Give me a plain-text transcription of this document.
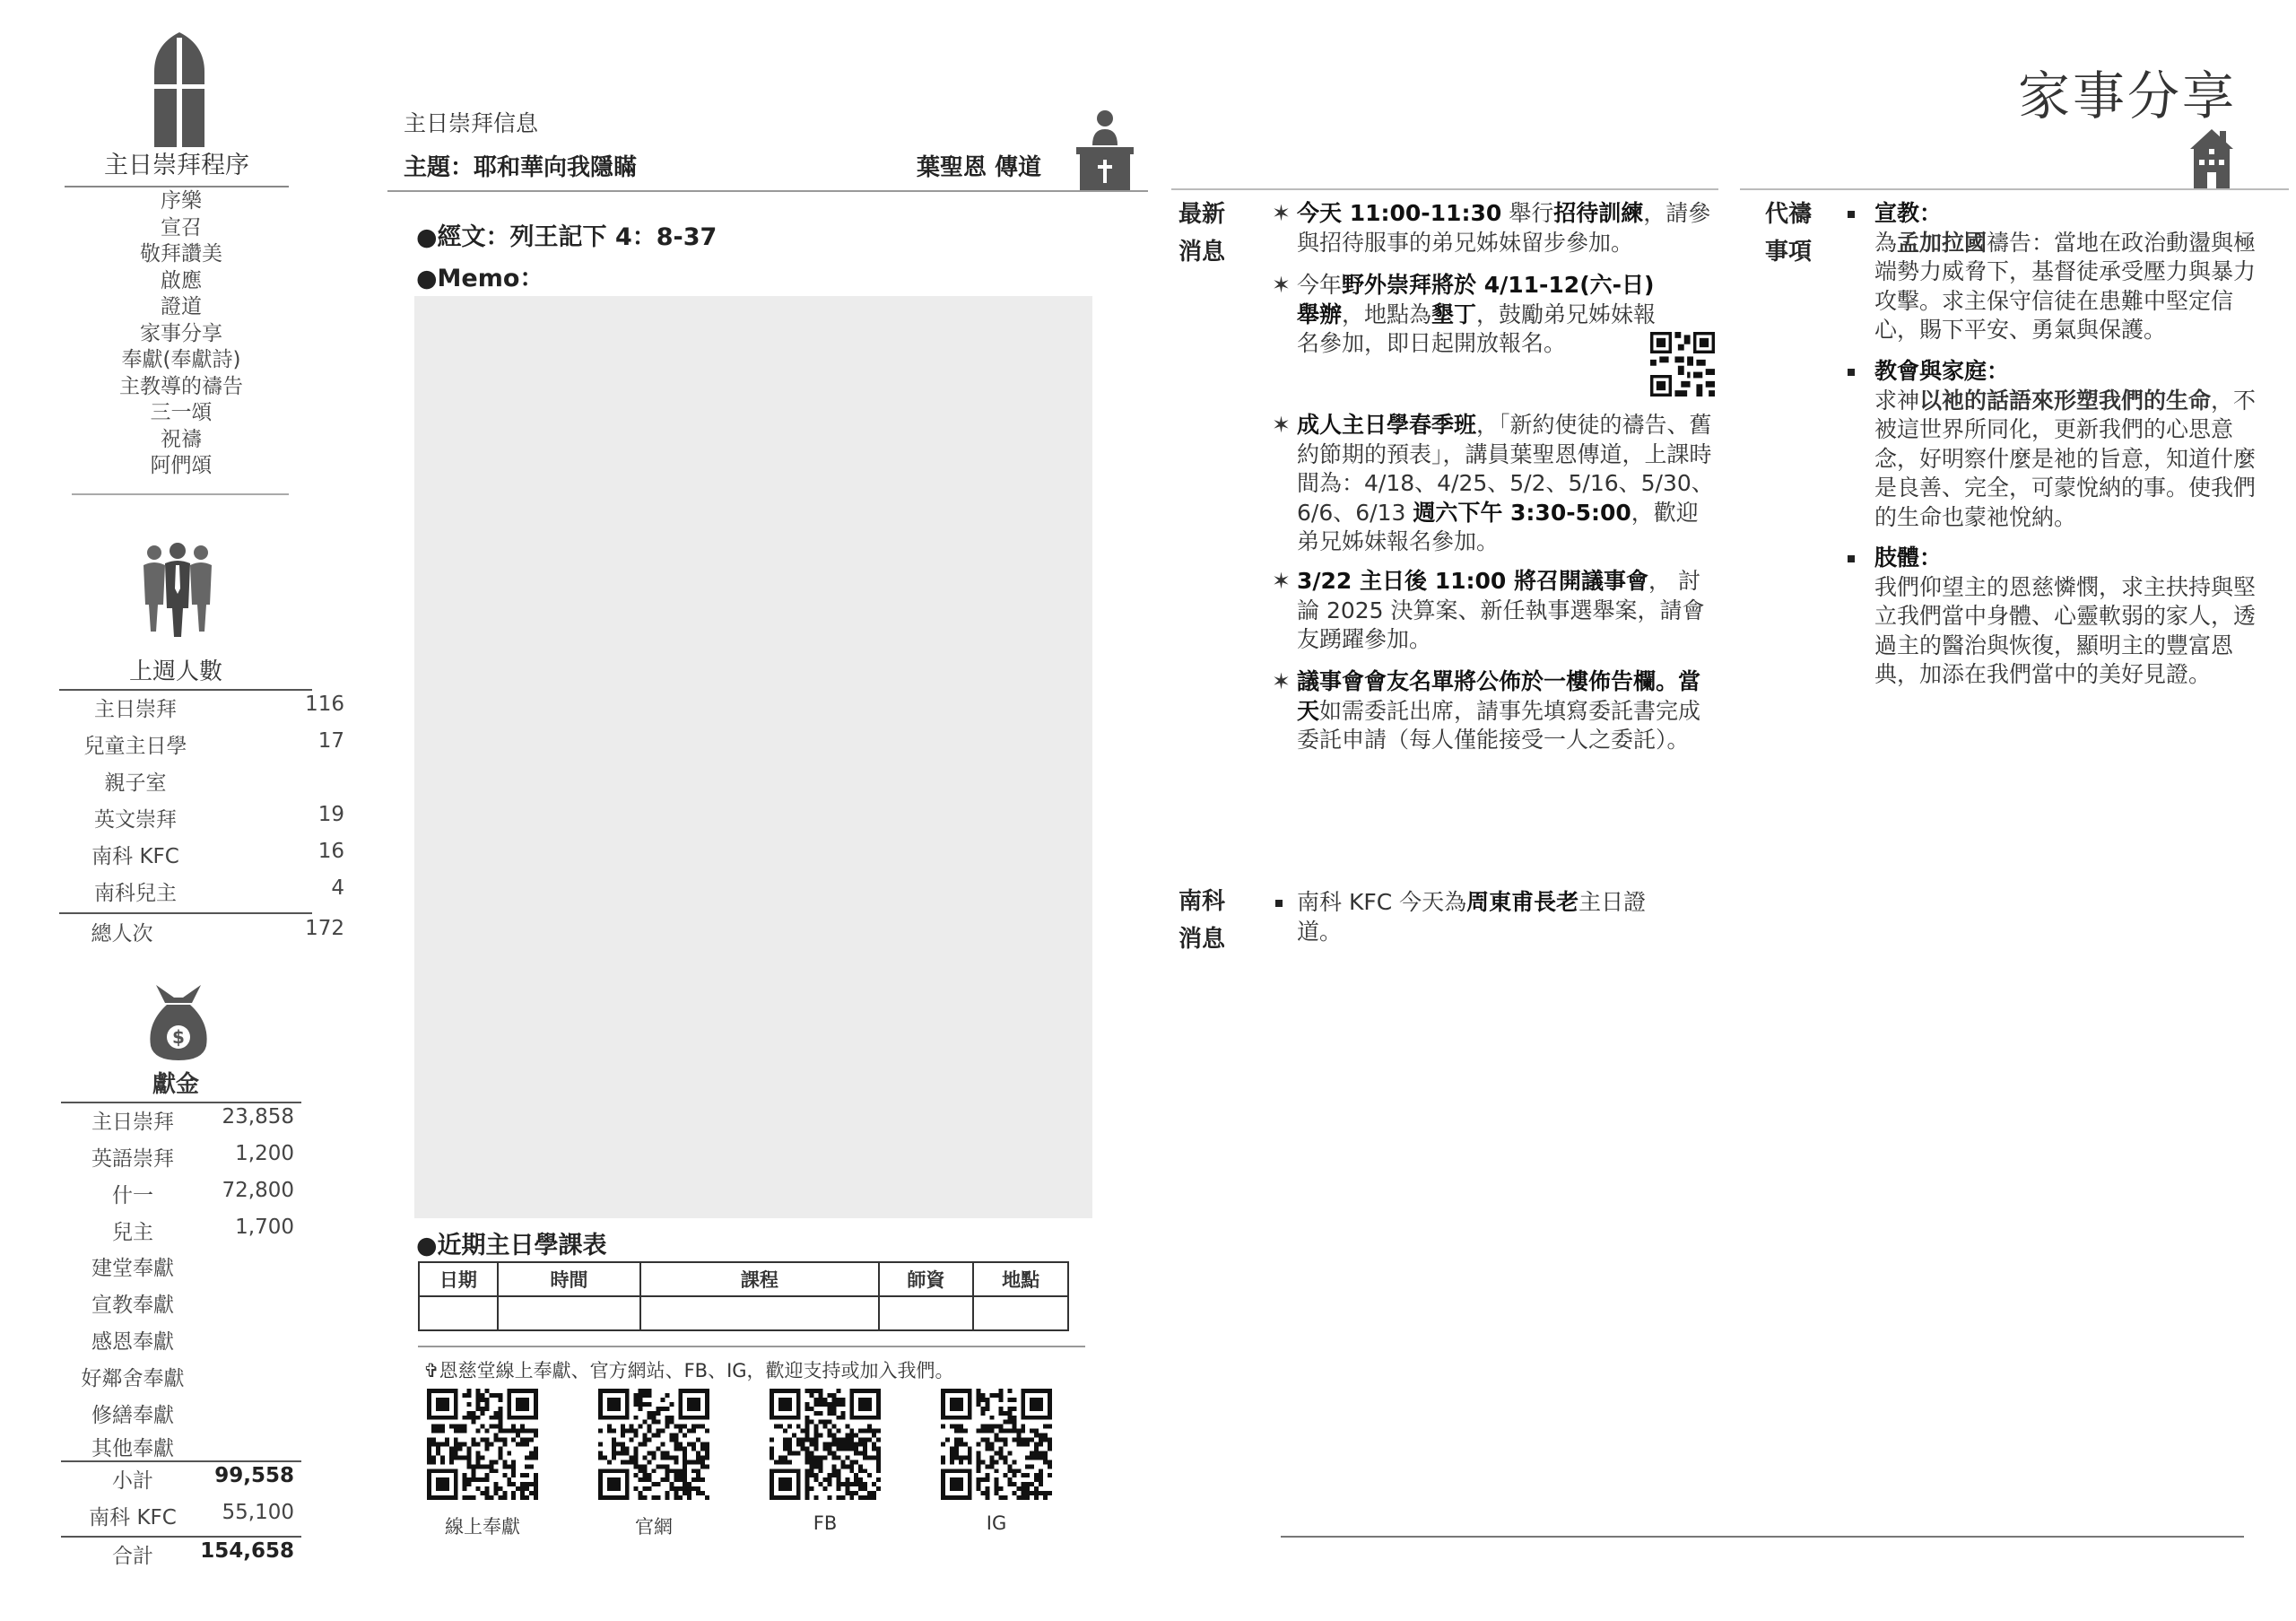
主日崇拜程序
序樂
宣召
敬拜讚美
啟應
證道
家事分享
奉獻(奉獻詩)
主教導的禱告
三一頌
祝禱
阿們頌
上週人數
主日崇拜	116
兒童主日學	17
親子室
英文崇拜	19
南科 KFC	16
南科兒主	4
總人次	172
$
獻金
主日崇拜	23,858
英語崇拜	1,200
什一	72,800
兒主	1,700
建堂奉獻
宣教奉獻
感恩奉獻
好鄰舍奉獻
修繕奉獻
其他奉獻
小計	99,558
南科 KFC	55,100
合計	154,658
主日崇拜信息
主題：耶和華向我隱瞞	葉聖恩 傳道
●經文：列王記下 4：8-37
●Memo：
●近期主日學課表
日期	時間	課程	師資	地點

✞恩慈堂線上奉獻、官方網站、FB、IG，歡迎支持或加入我們。
線上奉獻	官網	FB	IG
家事分享
最新
消息
✶ 今天 11:00-11:30 舉行招待訓練，請參與招待服事的弟兄姊妹留步參加。
✶ 今年野外崇拜將於 4/11-12(六-日)舉辦，地點為墾丁，鼓勵弟兄姊妹報名參加，即日起開放報名。
✶ 成人主日學春季班，「新約使徒的禱告、舊約節期的預表」，講員葉聖恩傳道，上課時間為：4/18、4/25、5/2、5/16、5/30、6/6、6/13 週六下午 3:30-5:00，歡迎弟兄姊妹報名參加。
✶ 3/22 主日後 11:00 將召開議事會， 討論 2025 決算案、新任執事選舉案，請會友踴躍參加。
✶ 議事會會友名單將公佈於一樓佈告欄。當天如需委託出席，請事先填寫委託書完成委託申請（每人僅能接受一人之委託）。
南科
消息
南科 KFC 今天為周東甫長老主日證道。
代禱
事項
宣教：
為孟加拉國禱告：當地在政治動盪與極端勢力威脅下，基督徒承受壓力與暴力攻擊。求主保守信徒在患難中堅定信心，賜下平安、勇氣與保護。
教會與家庭：
求神以祂的話語來形塑我們的生命，不被這世界所同化，更新我們的心思意念，好明察什麼是祂的旨意，知道什麼是良善、完全，可蒙悅納的事。使我們的生命也蒙祂悅納。
肢體：
我們仰望主的恩慈憐憫，求主扶持與堅立我們當中身體、心靈軟弱的家人，透過主的醫治與恢復，顯明主的豐富恩典，加添在我們當中的美好見證。
